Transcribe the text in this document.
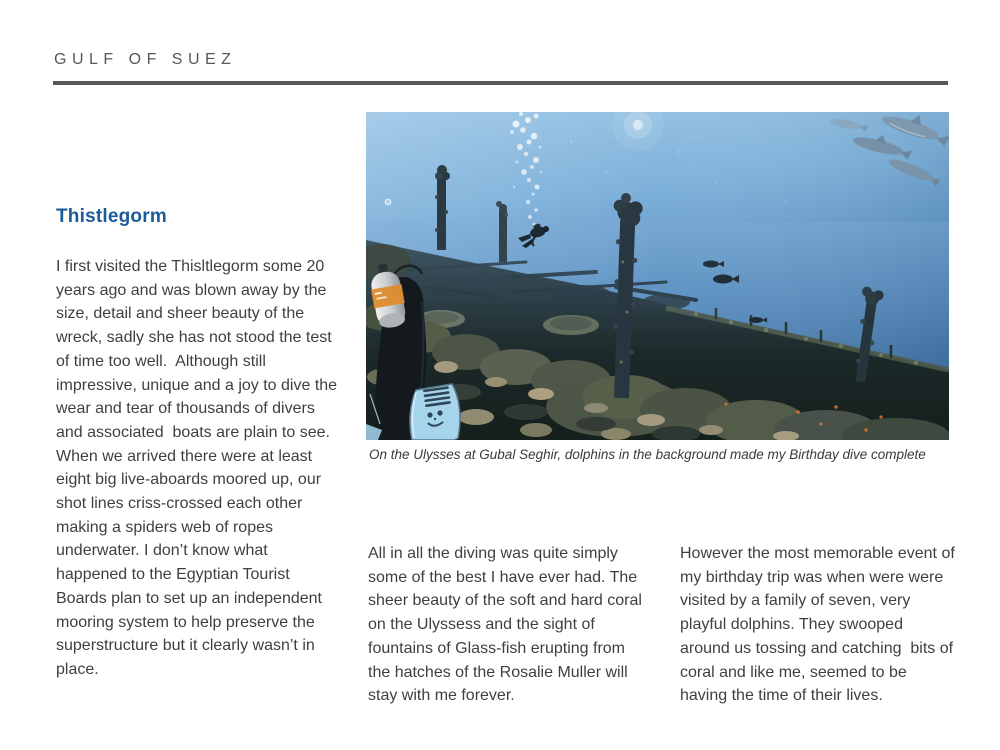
GULF OF SUEZ
Thistlegorm

I first visited the Thisltlegorm some 20 years ago and was blown away by the size, detail and sheer beauty of the wreck, sadly she has not stood the test of time too well.  Although still impressive, unique and a joy to dive the wear and tear of thousands of divers and associated  boats are plain to see. When we arrived there were at least eight big live-aboards moored up, our shot lines criss-crossed each other making a spiders web of ropes underwater. I don’t know what happened to the Egyptian Tourist Boards plan to set up an independent mooring system to help preserve the superstructure but it clearly wasn’t in place.

On the Ulysses at Gubal Seghir, dolphins in the background made my Birthday dive complete

All in all the diving was quite simply some of the best I have ever had. The sheer beauty of the soft and hard coral on the Ulyssess and the sight of fountains of Glass-fish erupting from the hatches of the Rosalie Muller will stay with me forever.

However the most memorable event of my birthday trip was when were were visited by a family of seven, very playful dolphins. They swooped around us tossing and catching  bits of coral and like me, seemed to be having the time of their lives.
